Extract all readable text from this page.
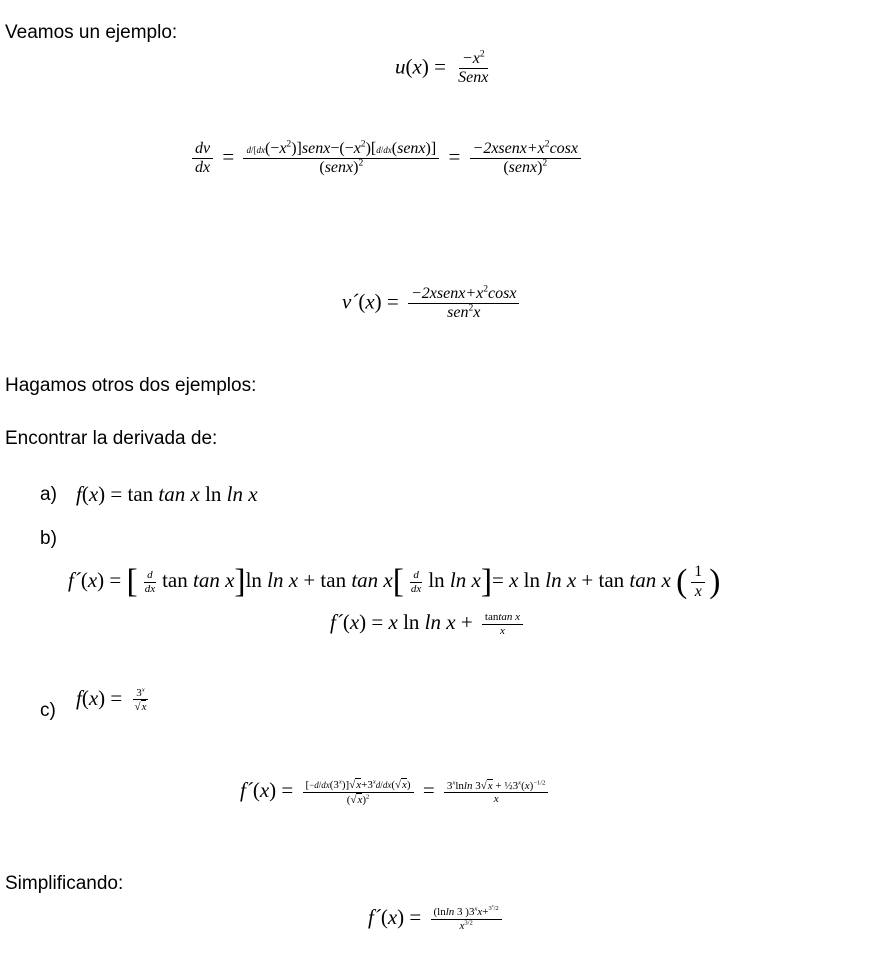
Veamos un ejemplo:
$u(x) = \frac{-x^2}{\text{Senx}}$
$\frac{dv}{dx} = \frac{d/[dx(-x^2)]senx-(-x^2)[d/dx(senx)]}{(senx)^2} = \frac{-2xsenx+x^2\cos x}{(senx)^2}$
v´(x) = $\frac{-2xsenx+x^2\cos x}{sen^2x}$
Hagamos otros dos ejemplos:
Encontrar la derivada de:
a) f(x) = tan tan x ln ln x
b)
f´(x) = [ $\frac{d}{dx}$ tan tan x]ln $\ln x + \tan \tan x[ \frac{d}{dx}$ ln ln x]= x ln ln x + tan tan x ( $\frac{1}{x}$ )
f´(x) = x $\ln \ln x + \frac{\text{tantan x}}{x}$
c)
$f(x) = \frac{3^x}{√x}$
f´(x) = $\frac{[-d/dx(3^x)]√x+3^xd/dx(√x)}{(√x)^2} = \frac{3^xlnln 3√x + \frac{1}{2}3^x(x)^{-1/2}}{x}$
Simplificando:
f´(x) = $\frac{(lnln 3 )3^xx+^{3^x/2}}{x^{3/2}}$
